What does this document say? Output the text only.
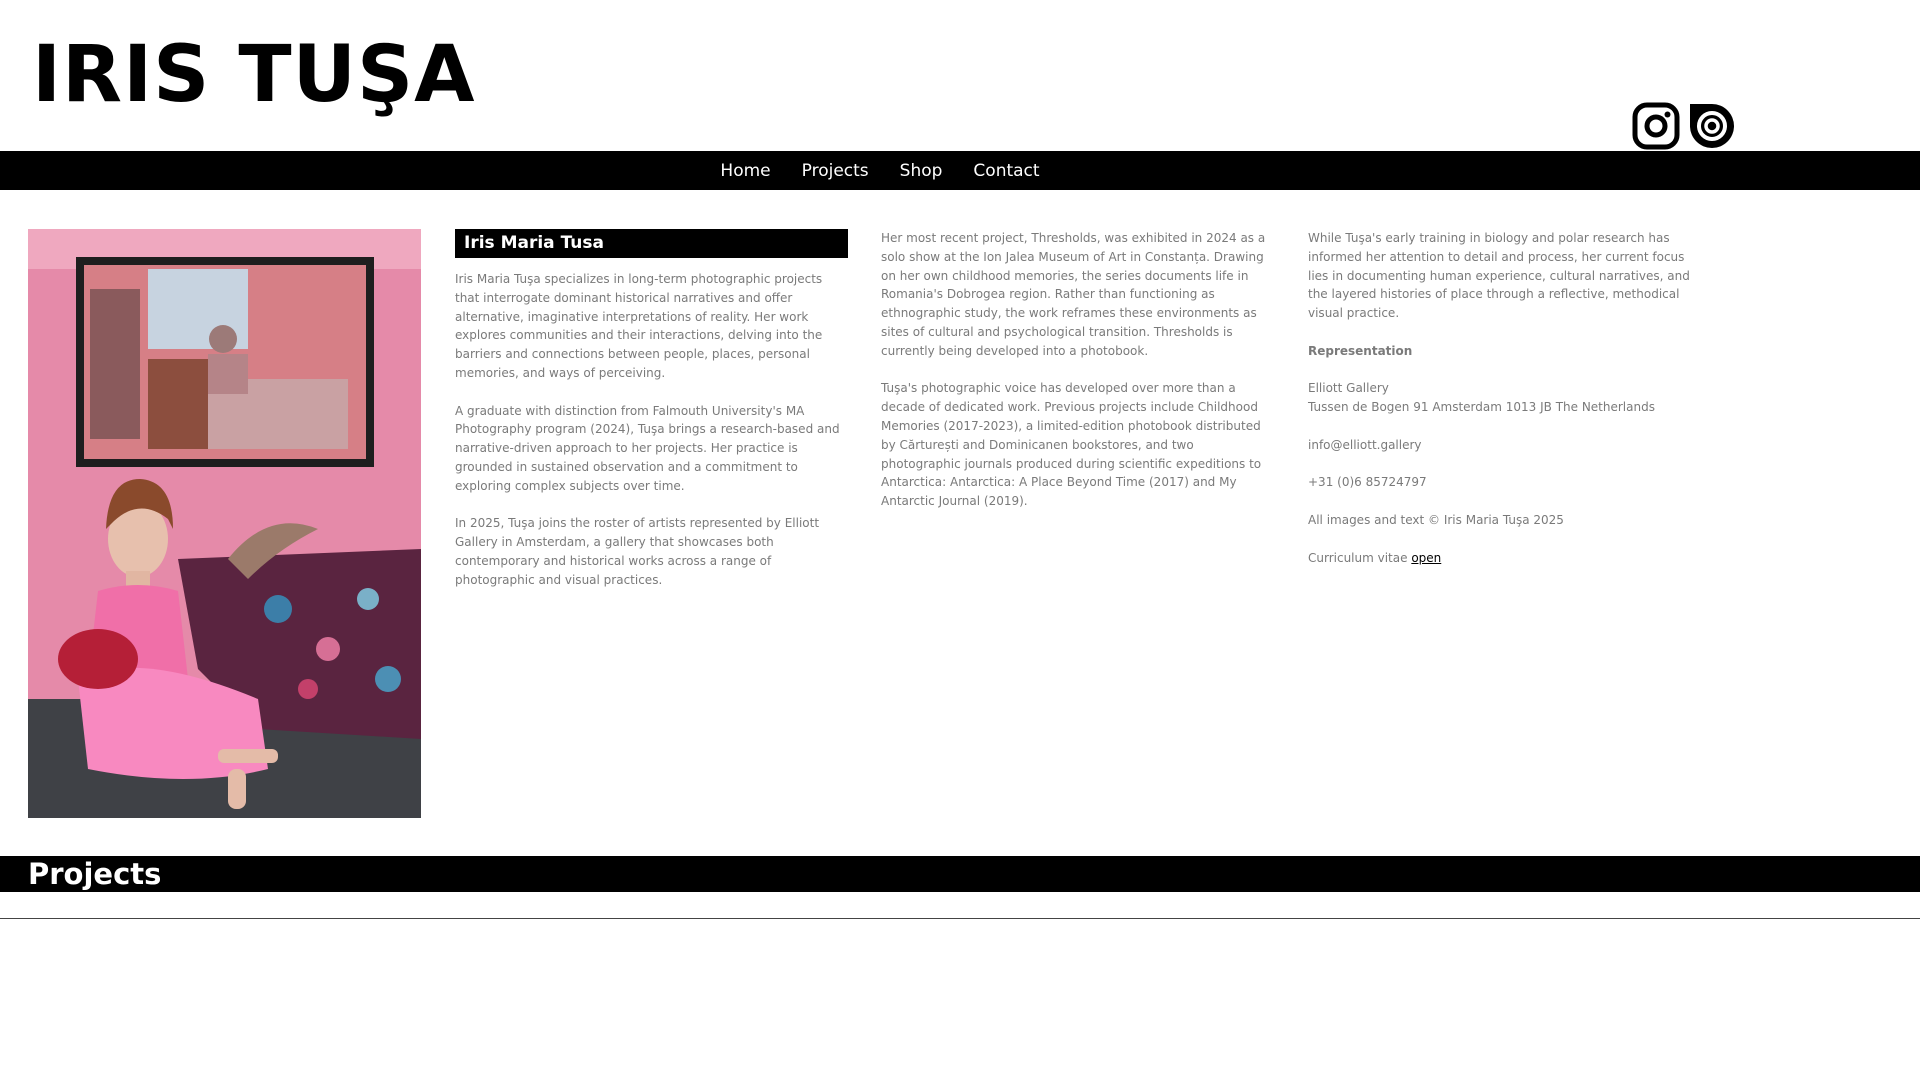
IRIS TUŞA
Home Projects Shop Contact
Iris Maria Tusa

Iris Maria Tuşa specializes in long-term photographic projects that interrogate dominant historical narratives and offer alternative, imaginative interpretations of reality. Her work explores communities and their interactions, delving into the barriers and connections between people, places, personal memories, and ways of perceiving.

A graduate with distinction from Falmouth University's MA Photography program (2024), Tuşa brings a research-based and narrative-driven approach to her projects. Her practice is grounded in sustained observation and a commitment to exploring complex subjects over time.

In 2025, Tuşa joins the roster of artists represented by Elliott Gallery in Amsterdam, a gallery that showcases both contemporary and historical works across a range of photographic and visual practices.

Her most recent project, Thresholds, was exhibited in 2024 as a solo show at the Ion Jalea Museum of Art in Constanța. Drawing on her own childhood memories, the series documents life in Romania's Dobrogea region. Rather than functioning as ethnographic study, the work reframes these environments as sites of cultural and psychological transition. Thresholds is currently being developed into a photobook.

Tuşa's photographic voice has developed over more than a decade of dedicated work. Previous projects include Childhood Memories (2017-2023), a limited-edition photobook distributed by Cărturești and Dominicanen bookstores, and two photographic journals produced during scientific expeditions to Antarctica: Antarctica: A Place Beyond Time (2017) and My Antarctic Journal (2019).

While Tuşa's early training in biology and polar research has informed her attention to detail and process, her current focus lies in documenting human experience, cultural narratives, and the layered histories of place through a reflective, methodical visual practice.

Representation

Elliott Gallery

Tussen de Bogen 91 Amsterdam 1013 JB The Netherlands

info@elliott.gallery

+31 (0)6 85724797

All images and text © Iris Maria Tuşa 2025

Curriculum vitae open

Projects
